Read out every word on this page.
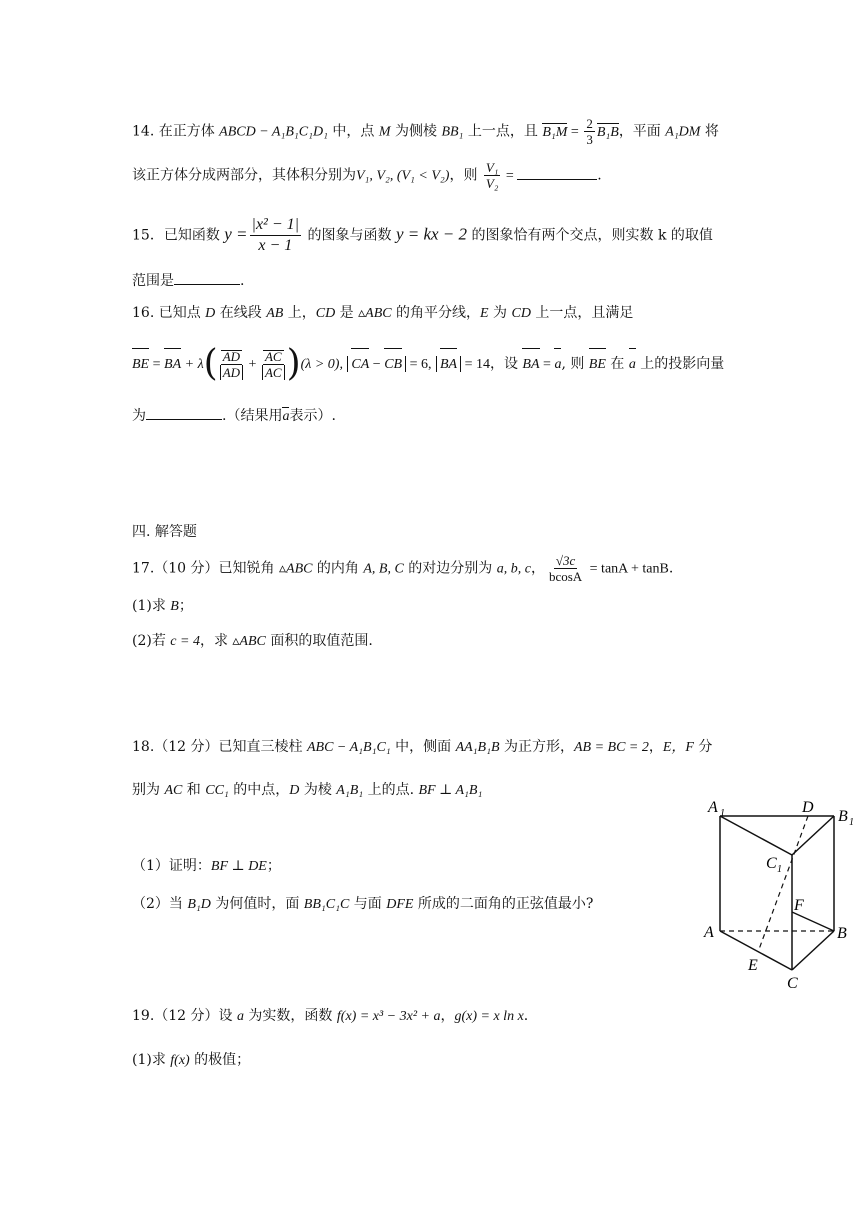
14. 在正方体 ABCD − A₁B₁C₁D₁ 中，点 M 为侧棱 BB₁ 上一点，且 $B_1M = \frac{2}{3} B_1B$，平面 A₁DM 将
该正方体分成两部分，其体积分别为V₁, V₂, (V₁ < V₂)，则 $\frac{\text{V₁}}{\text{V₂}}$ =	.
15．已知函数 $y = \frac{\text{|x² − 1|}}{x - 1}$ 的图象与函数 y = kx − 2 的图象恰有两个交点，则实数 k 的取值
范围是	.
16. 已知点 D 在线段 AB 上，CD 是 ▵ABC 的角平分线，E 为 CD 上一点，且满足
BE = BA + $\lambda( \frac{AD}{AD} + \frac{AC}{AC} )(\lambda > 0)$, CA − CB = 6, BA = 14，设 BA = a, 则 BE 在 a 上的投影向量
为	.（结果用a表示）.
四. 解答题
17.（10 分）已知锐角 ▵ABC 的内角 A, B, C 的对边分别为 a, b, c， $\frac{√3c}{bcosA} = \tan A + \tan B$.
(1)求 B；
(2)若 c = 4，求 ▵ABC 面积的取值范围.
18.（12 分）已知直三棱柱 ABC − A₁B₁C₁ 中，侧面 AA₁B₁B 为正方形，AB = BC = 2，E，F 分
别为 AC 和 CC₁ 的中点，D 为棱 A₁B₁ 上的点. BF ⊥ A₁B₁
（1）证明：BF ⊥ DE；
（2）当 B₁D 为何值时，面 BB₁C₁C 与面 DFE 所成的二面角的正弦值最小?
A 1	D
B 1
C 1
F
A	B
E
C
19.（12 分）设 a 为实数，函数 f(x) = x³ − 3x² + a，g(x) = x ln x.
(1)求 f(x) 的极值；
